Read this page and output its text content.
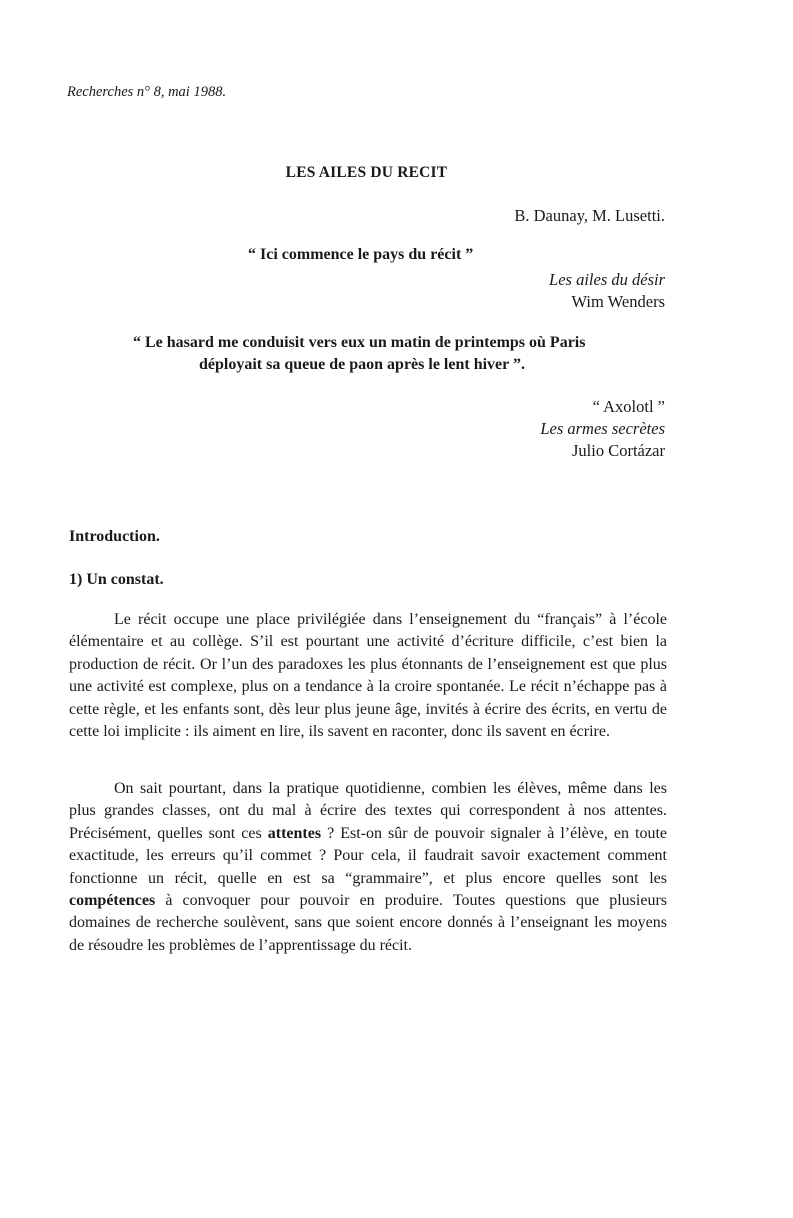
Recherches n° 8, mai 1988.
LES AILES DU RECIT
B. Daunay, M. Lusetti.
“ Ici commence le pays du récit ”
Les ailes du désir
Wim Wenders
“ Le hasard me conduisit vers eux un matin de printemps où Paris
déployait sa queue de paon après le lent hiver ”.
“ Axolotl ”
Les armes secrètes
Julio Cortázar
Introduction.
1) Un constat.

Le récit occupe une place privilégiée dans l’enseignement du “français” à l’école élémentaire et au collège. S’il est pourtant une activité d’écriture difficile, c’est bien la production de récit. Or l’un des paradoxes les plus étonnants de l’enseignement est que plus une activité est complexe, plus on a tendance à la croire spontanée. Le récit n’échappe pas à cette règle, et les enfants sont, dès leur plus jeune âge, invités à écrire des écrits, en vertu de cette loi implicite : ils aiment en lire, ils savent en raconter, donc ils savent en écrire.

On sait pourtant, dans la pratique quotidienne, combien les élèves, même dans les plus grandes classes, ont du mal à écrire des textes qui correspondent à nos attentes. Précisément, quelles sont ces attentes ? Est-on sûr de pouvoir signaler à l’élève, en toute exactitude, les erreurs qu’il commet ? Pour cela, il faudrait savoir exactement comment fonctionne un récit, quelle en est sa “grammaire”, et plus encore quelles sont les compétences à convoquer pour pouvoir en produire. Toutes questions que plusieurs domaines de recherche soulèvent, sans que soient encore donnés à l’enseignant les moyens de résoudre les problèmes de l’apprentissage du récit.
